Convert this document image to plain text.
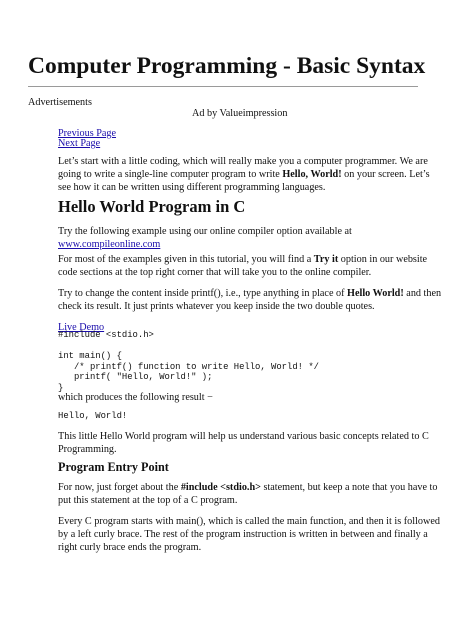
Computer Programming - Basic Syntax
Advertisements
Ad by Valueimpression
Previous Page
Next Page
Let’s start with a little coding, which will really make you a computer programmer. We are
going to write a single-line computer program to write Hello, World! on your screen. Let’s
see how it can be written using different programming languages.
Hello World Program in C
Try the following example using our online compiler option available at
www.compileonline.com
For most of the examples given in this tutorial, you will find a Try it option in our website
code sections at the top right corner that will take you to the online compiler.
Try to change the content inside printf(), i.e., type anything in place of Hello World! and then
check its result. It just prints whatever you keep inside the two double quotes.
Live Demo
#include <stdio.h>

int main() {
/* printf() function to write Hello, World! */
printf( "Hello, World!" );
}
which produces the following result −
Hello, World!
This little Hello World program will help us understand various basic concepts related to C
Programming.
Program Entry Point
For now, just forget about the #include <stdio.h> statement, but keep a note that you have to
put this statement at the top of a C program.
Every C program starts with main(), which is called the main function, and then it is followed
by a left curly brace. The rest of the program instruction is written in between and finally a
right curly brace ends the program.
